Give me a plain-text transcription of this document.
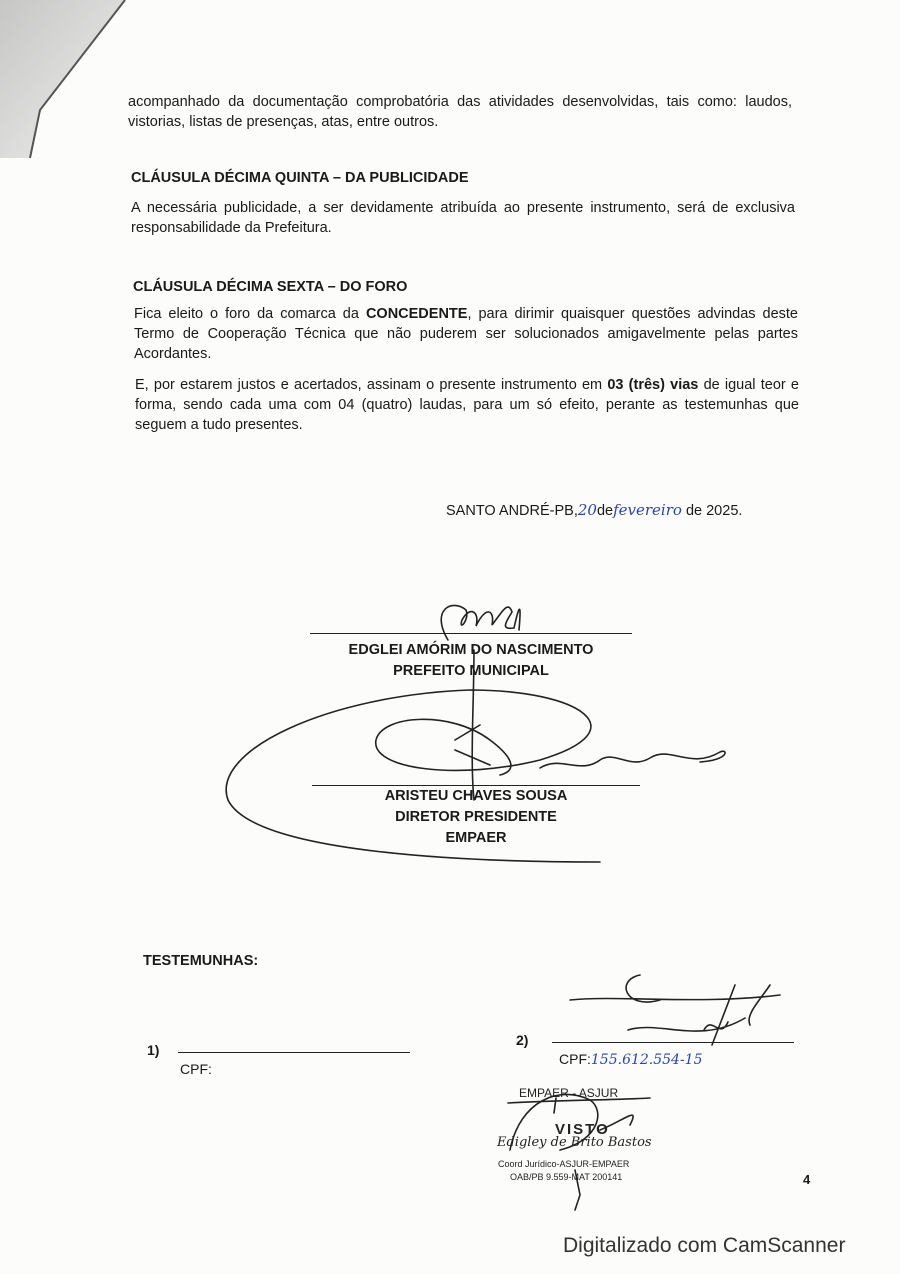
acompanhado da documentação comprobatória das atividades desenvolvidas, tais como: laudos, vistorias, listas de presenças, atas, entre outros.
CLÁUSULA DÉCIMA QUINTA – DA PUBLICIDADE
A necessária publicidade, a ser devidamente atribuída ao presente instrumento, será de exclusiva responsabilidade da Prefeitura.
CLÁUSULA DÉCIMA SEXTA – DO FORO
Fica eleito o foro da comarca da CONCEDENTE, para dirimir quaisquer questões advindas deste Termo de Cooperação Técnica que não puderem ser solucionados amigavelmente pelas partes Acordantes.
E, por estarem justos e acertados, assinam o presente instrumento em 03 (três) vias de igual teor e forma, sendo cada uma com 04 (quatro) laudas, para um só efeito, perante as testemunhas que seguem a tudo presentes.
SANTO ANDRÉ-PB,20defevereiro de 2025.
EDGLEI AMÓRIM DO NASCIMENTO
PREFEITO MUNICIPAL
ARISTEU CHAVES SOUSA
DIRETOR PRESIDENTE
EMPAER
TESTEMUNHAS:
1)
CPF:
2)
CPF:155.612.554-15
EMPAER - ASJUR
VISTO
Edigley de Brito Bastos
Coord Jurídico-ASJUR-EMPAER
OAB/PB 9.559-MAT 200141	4
Digitalizado com CamScanner
